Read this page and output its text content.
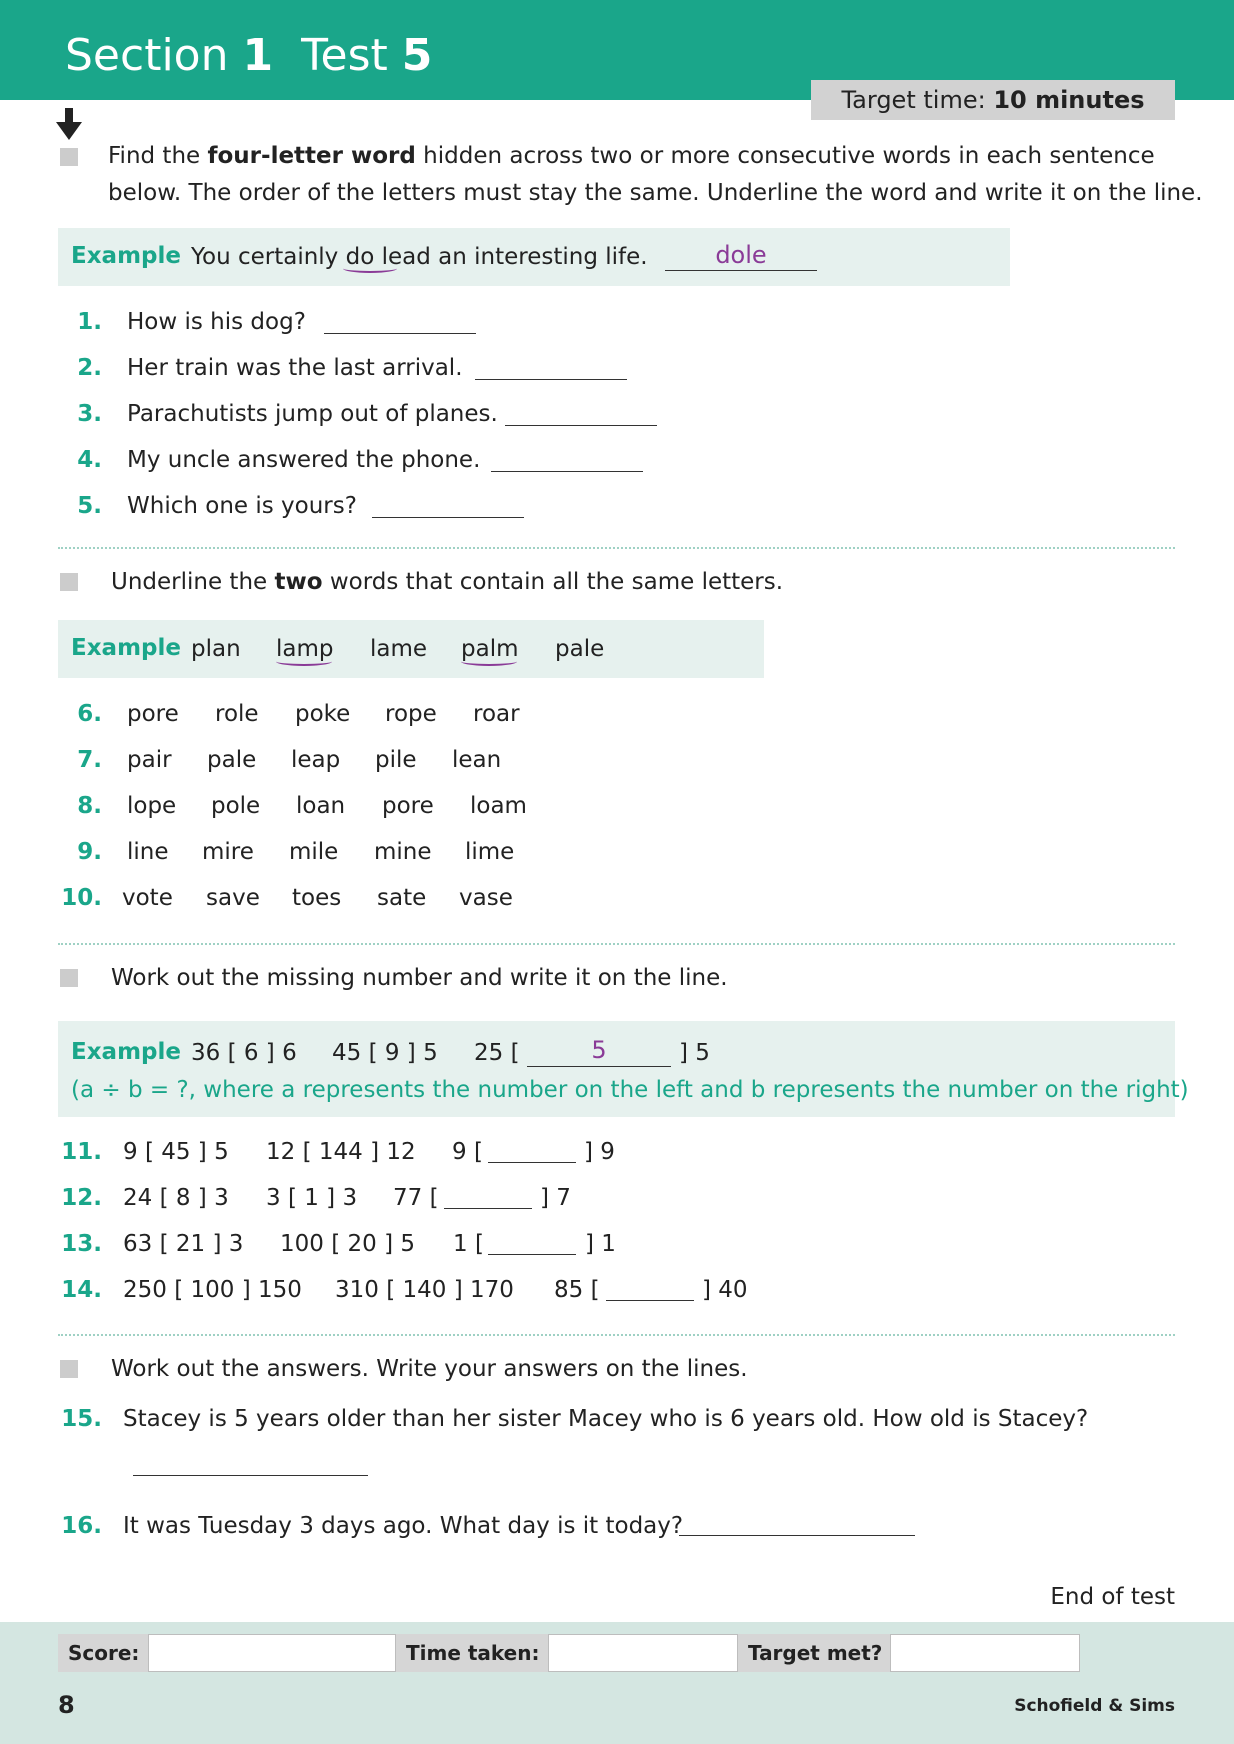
Section 1 Test 5
Target time: 10 minutes
Find the four-letter word hidden across two or more consecutive words in each sentence
below. The order of the letters must stay the same. Underline the word and write it on the line.
Example You certainly do lead an interesting life.	dole
1. How is his dog?
2. Her train was the last arrival.
3. Parachutists jump out of planes.
4. My uncle answered the phone.
5. Which one is yours?
Underline the two words that contain all the same letters.
Example plan lamp lame palm pale
6. pore role poke rope roar
7. pair pale leap pile lean
8. lope pole loan pore loam
9. line mire mile mine lime
10. vote save toes sate vase
Work out the missing number and write it on the line.
Example 36 [ 6 ] 6 45 [ 9 ] 5 25 [	5	] 5
(a ÷ b = ?, where a represents the number on the left and b represents the number on the right)
11. 9 [ 45 ] 5 12 [ 144 ] 12 9 [	] 9
12. 24 [ 8 ] 3 3 [ 1 ] 3 77 [	] 7
13. 63 [ 21 ] 3 100 [ 20 ] 5 1 [	] 1
14. 250 [ 100 ] 150 310 [ 140 ] 170 85 [	] 40
Work out the answers. Write your answers on the lines.
15. Stacey is 5 years older than her sister Macey who is 6 years old. How old is Stacey?
16. It was Tuesday 3 days ago. What day is it today?
End of test
Score:	Time taken:	Target met?
8	Schofield & Sims
